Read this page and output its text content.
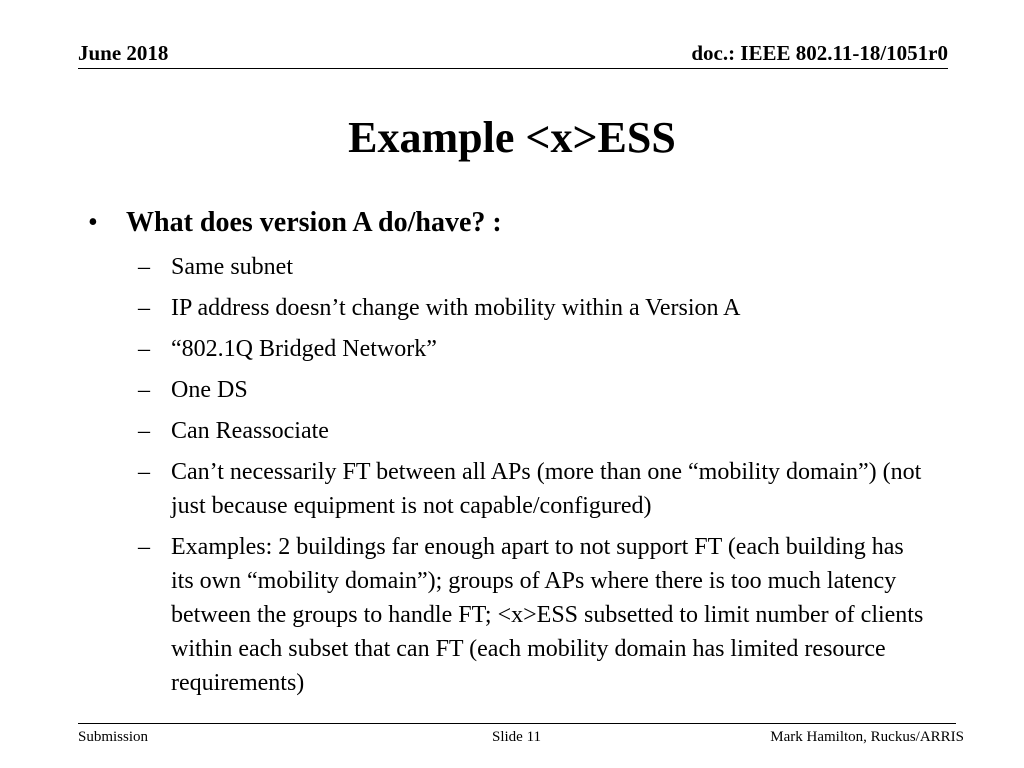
June 2018	doc.: IEEE 802.11-18/1051r0
Example <x>ESS
• What does version A do/have? :
– Same subnet
– IP address doesn’t change with mobility within a Version A
– “802.1Q Bridged Network”
– One DS
– Can Reassociate
– Can’t necessarily FT between all APs (more than one “mobility domain”) (not just because equipment is not capable/configured)
– Examples: 2 buildings far enough apart to not support FT (each building has its own “mobility domain”); groups of APs where there is too much latency between the groups to handle FT; <x>ESS subsetted to limit number of clients within each subset that can FT (each mobility domain has limited resource requirements)
Submission	Slide 11	Mark Hamilton, Ruckus/ARRIS
